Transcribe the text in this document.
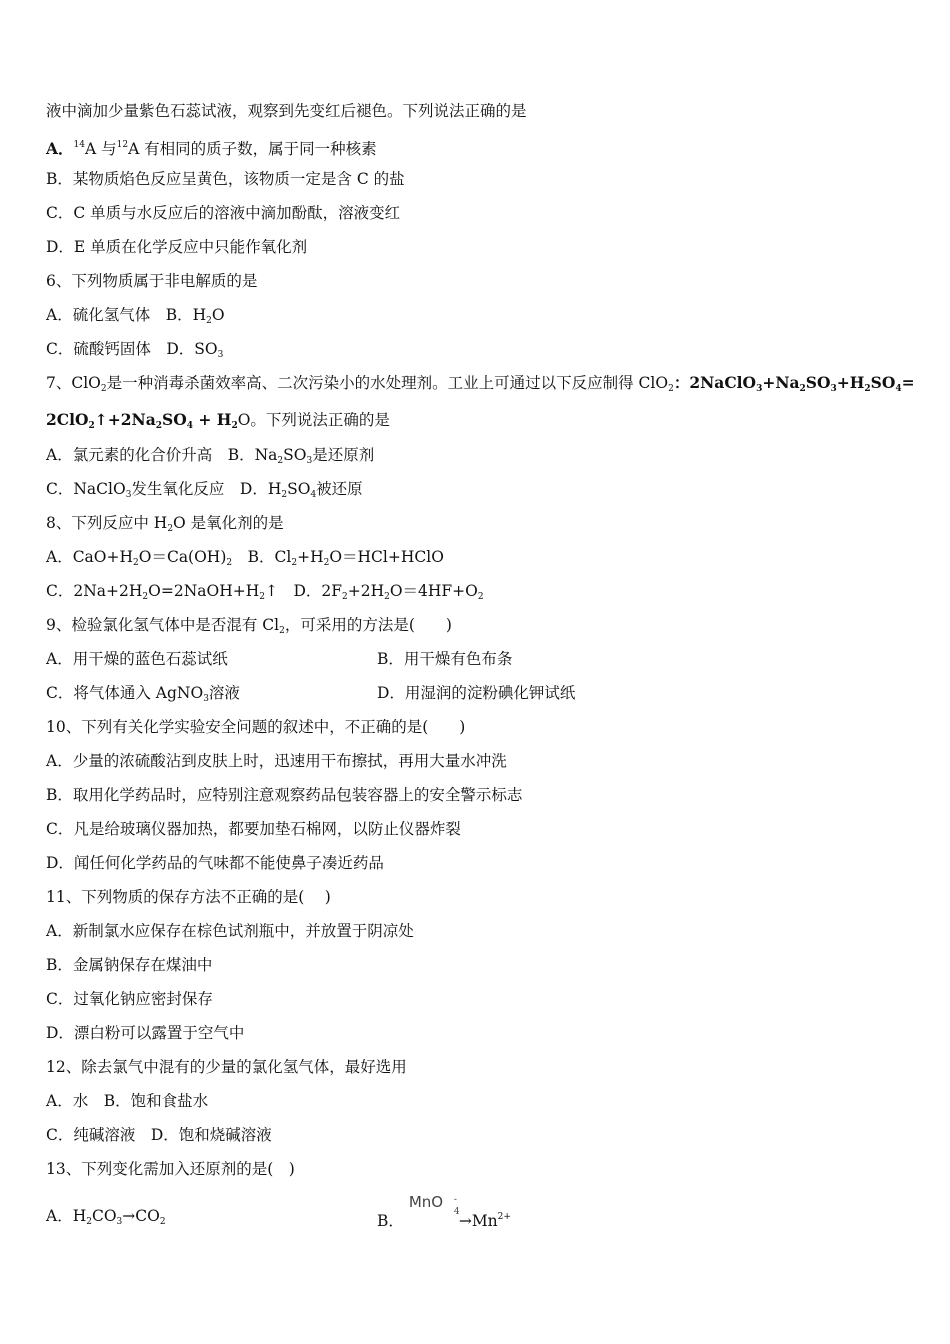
液中滴加少量紫色石蕊试液，观察到先变红后褪色。下列说法正确的是
A．$^{14}$A 与$^{12}$A 有相同的质子数，属于同一种核素
B．某物质焰色反应呈黄色，该物质一定是含 C 的盐
C．C 单质与水反应后的溶液中滴加酚酞，溶液变红
D．E 单质在化学反应中只能作氧化剂
6、下列物质属于非电解质的是
A．硫化氢气体　B．$H_2O$
C．硫酸钙固体　D．$SO_3$
7、ClO$_2$是一种消毒杀菌效率高、二次污染小的水处理剂。工业上可通过以下反应制得 ClO$_2$：$2NaClO_3+Na_2SO_3+H_2SO_4=$
$2ClO_2↑+2Na_2SO_4 + H_2O$。下列说法正确的是
A．氯元素的化合价升高　B．$Na_2SO_3$是还原剂
C．NaClO$_3$发生氧化反应　D．$H_2SO_4$被还原
8、下列反应中 $H_2O$ 是氧化剂的是
A．$CaO+H_2O=Ca(OH)_2$　B．$Cl_2+H_2O=HCl+HClO$
C．$2Na+2H_2O=2NaOH+H_2↑$　D．$2F_2+2H_2O=4HF+O_2$
9、检验氯化氢气体中是否混有 $Cl_2$，可采用的方法是(　　)
A．用干燥的蓝色石蕊试纸	B．用干燥有色布条
C．将气体通入 AgNO$_3$溶液	D．用湿润的淀粉碘化钾试纸
10、下列有关化学实验安全问题的叙述中，不正确的是(　　)
A．少量的浓硫酸沾到皮肤上时，迅速用干布擦拭，再用大量水冲洗
B．取用化学药品时，应特别注意观察药品包装容器上的安全警示标志
C．凡是给玻璃仪器加热，都要加垫石棉网，以防止仪器炸裂
D．闻任何化学药品的气味都不能使鼻子凑近药品
11、下列物质的保存方法不正确的是(　 )
A．新制氯水应保存在棕色试剂瓶中，并放置于阴凉处
B．金属钠保存在煤油中
C．过氧化钠应密封保存
D．漂白粉可以露置于空气中
12、除去氯气中混有的少量的氯化氢气体，最好选用
A．水　B．饱和食盐水
C．纯碱溶液　D．饱和烧碱溶液
13、下列变化需加入还原剂的是(　)
A．$H_2CO_3\to CO_2$	B．
MnO -
$4 \to Mn^{2+}$
